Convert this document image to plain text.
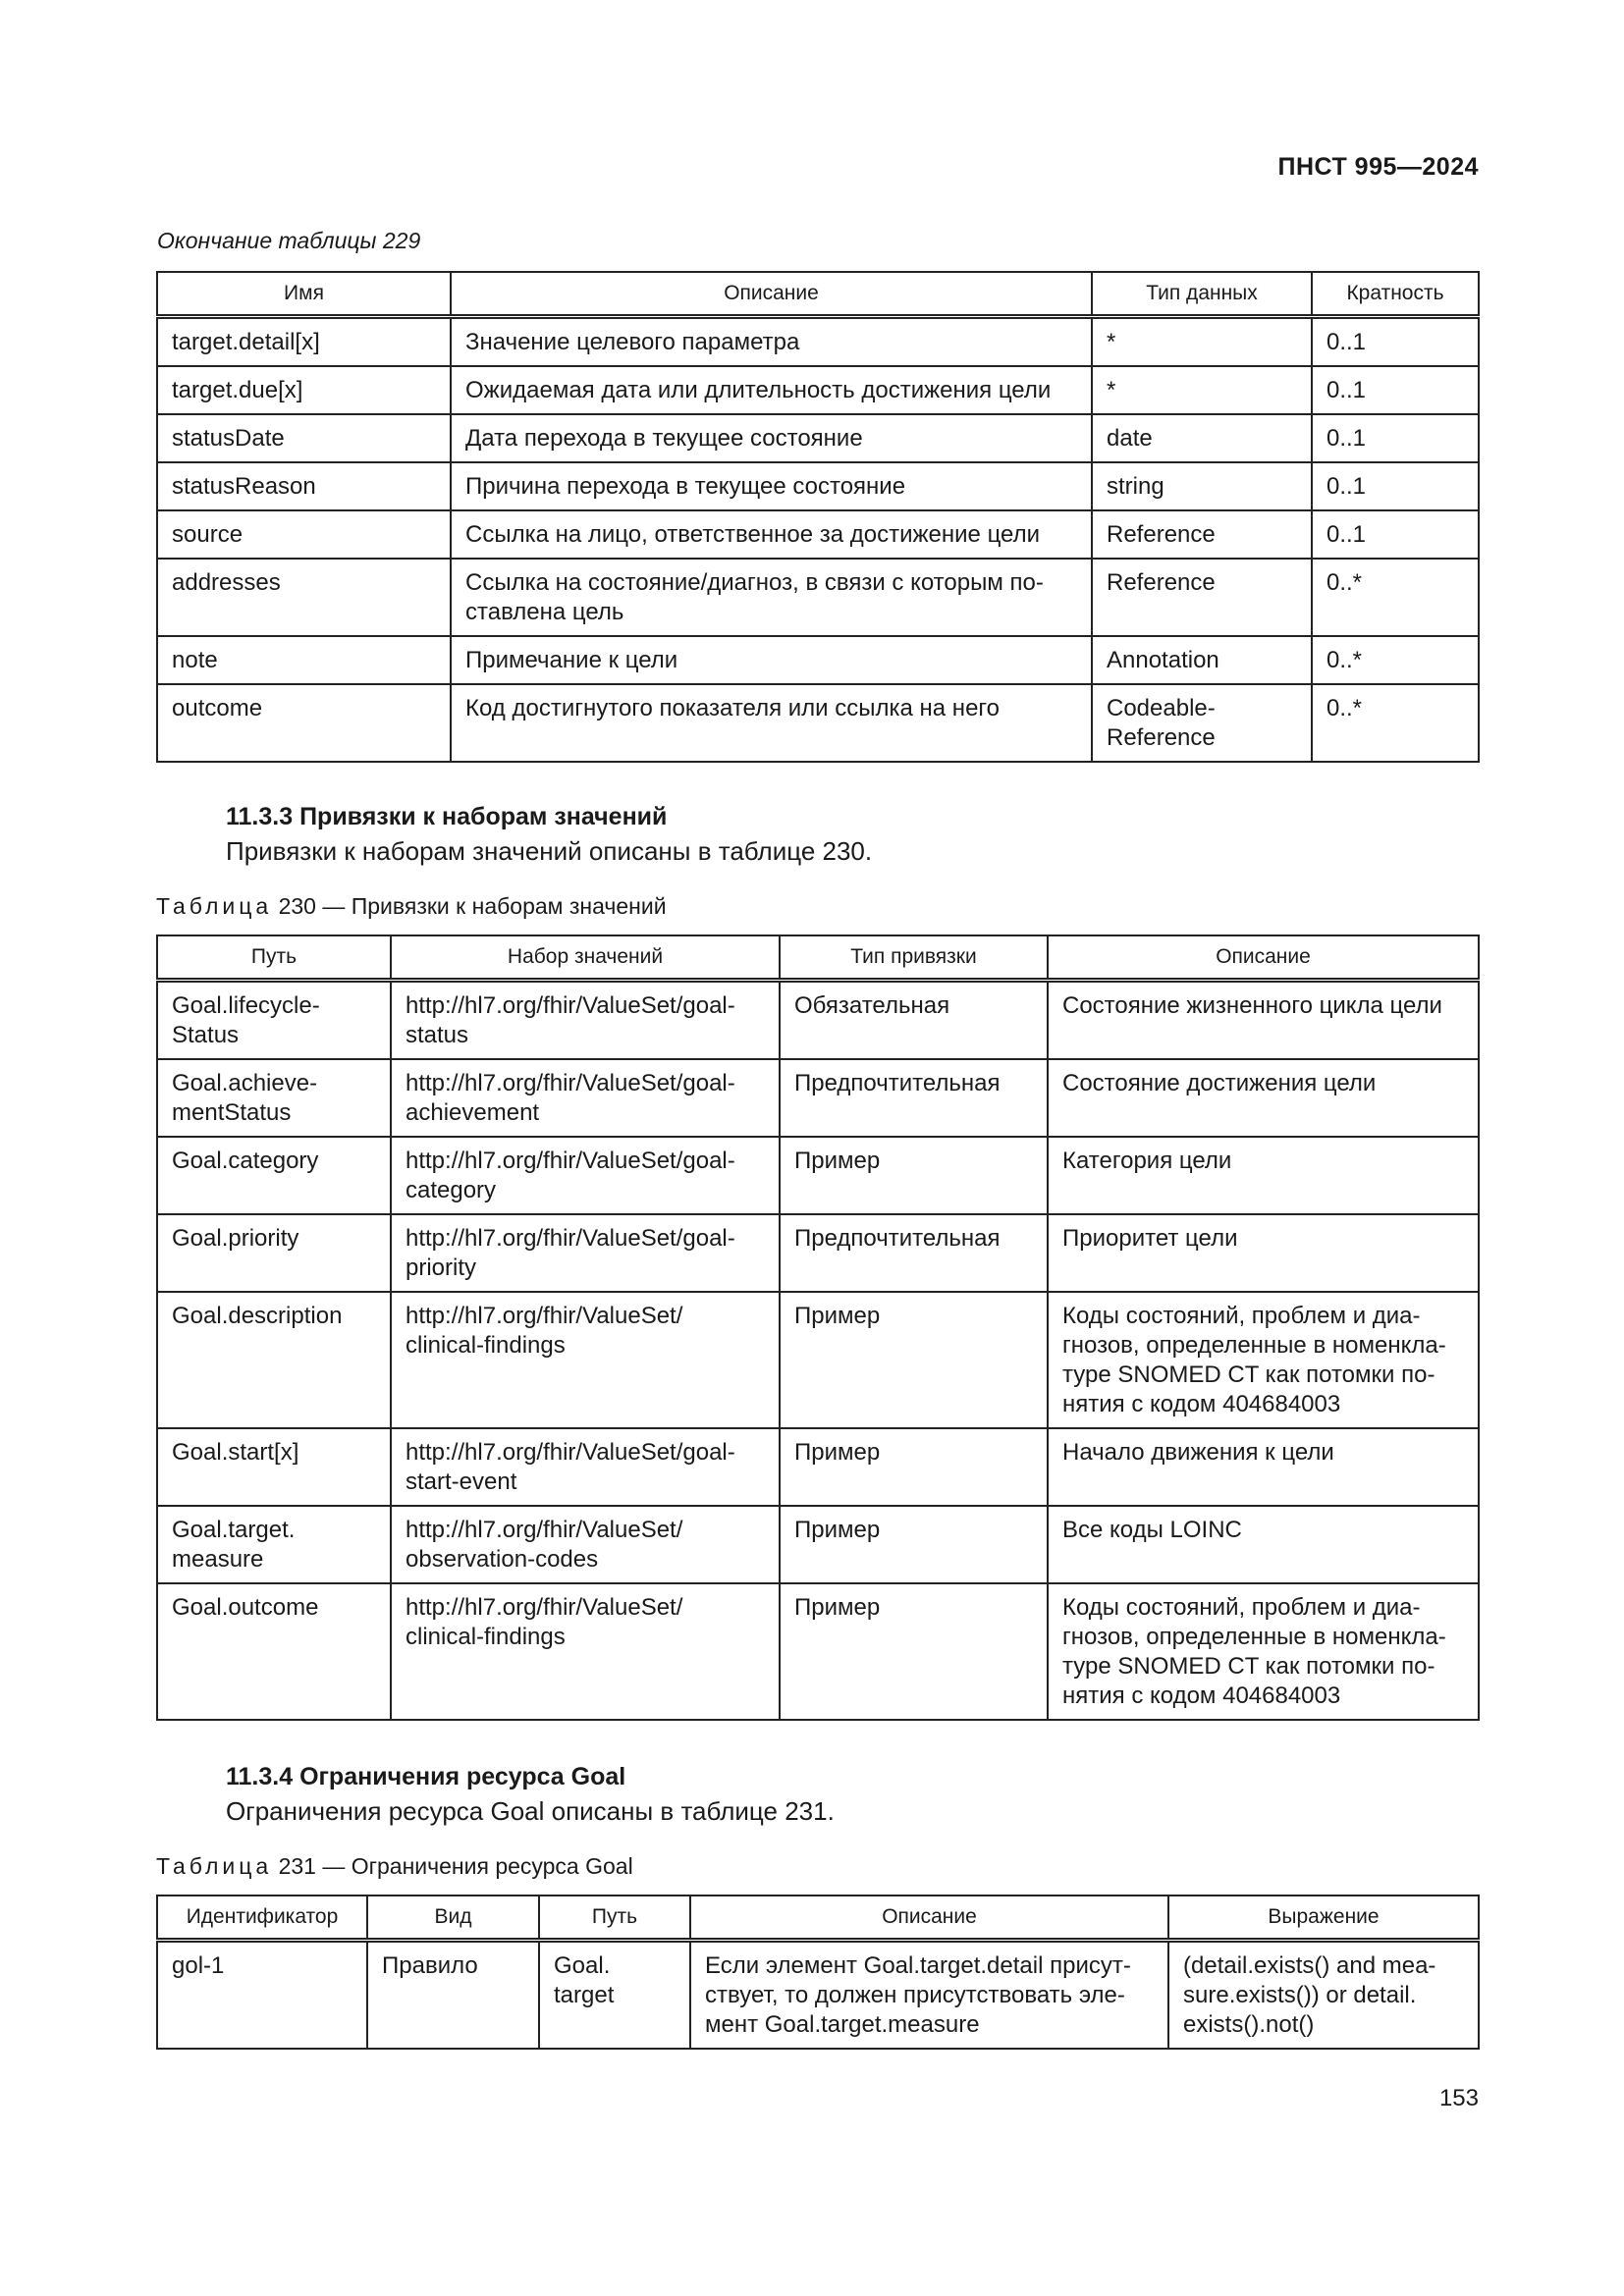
ПНСТ 995—2024
Окончание таблицы 229
Имя	Описание	Тип данных	Кратность
target.detail[x]	Значение целевого параметра	*	0..1
target.due[x]	Ожидаемая дата или длительность достижения цели	*	0..1
statusDate	Дата перехода в текущее состояние	date	0..1
statusReason	Причина перехода в текущее состояние	string	0..1
source	Ссылка на лицо, ответственное за достижение цели	Reference	0..1
addresses	Ссылка на состояние/диагноз, в связи с которым по-ставлена цель	Reference	0..*
note	Примечание к цели	Annotation	0..*
outcome	Код достигнутого показателя или ссылка на него	Codeable-Reference	0..*
11.3.3 Привязки к наборам значений
Привязки к наборам значений описаны в таблице 230.
Таблица 230 — Привязки к наборам значений
Путь	Набор значений	Тип привязки	Описание
Goal.lifecycle-Status	http://hl7.org/fhir/ValueSet/goal-status	Обязательная	Состояние жизненного цикла цели
Goal.achieve-mentStatus	http://hl7.org/fhir/ValueSet/goal-achievement	Предпочтительная	Состояние достижения цели
Goal.category	http://hl7.org/fhir/ValueSet/goal-category	Пример	Категория цели
Goal.priority	http://hl7.org/fhir/ValueSet/goal-priority	Предпочтительная	Приоритет цели
Goal.description	http://hl7.org/fhir/ValueSet/ clinical-findings	Пример	Коды состояний, проблем и диа-гнозов, определенные в номенкла-туре SNOMED CT как потомки по-нятия с кодом 404684003
Goal.start[x]	http://hl7.org/fhir/ValueSet/goal-start-event	Пример	Начало движения к цели
Goal.target. measure	http://hl7.org/fhir/ValueSet/ observation-codes	Пример	Все коды LOINC
Goal.outcome	http://hl7.org/fhir/ValueSet/ clinical-findings	Пример	Коды состояний, проблем и диа-гнозов, определенные в номенкла-туре SNOMED CT как потомки по-нятия с кодом 404684003
11.3.4 Ограничения ресурса Goal
Ограничения ресурса Goal описаны в таблице 231.
Таблица 231 — Ограничения ресурса Goal
Идентификатор	Вид	Путь	Описание	Выражение
gol-1	Правило	Goal. target	Если элемент Goal.target.detail присут-ствует, то должен присутствовать эле-мент Goal.target.measure	(detail.exists() and mea-sure.exists()) or detail. exists().not()
153
